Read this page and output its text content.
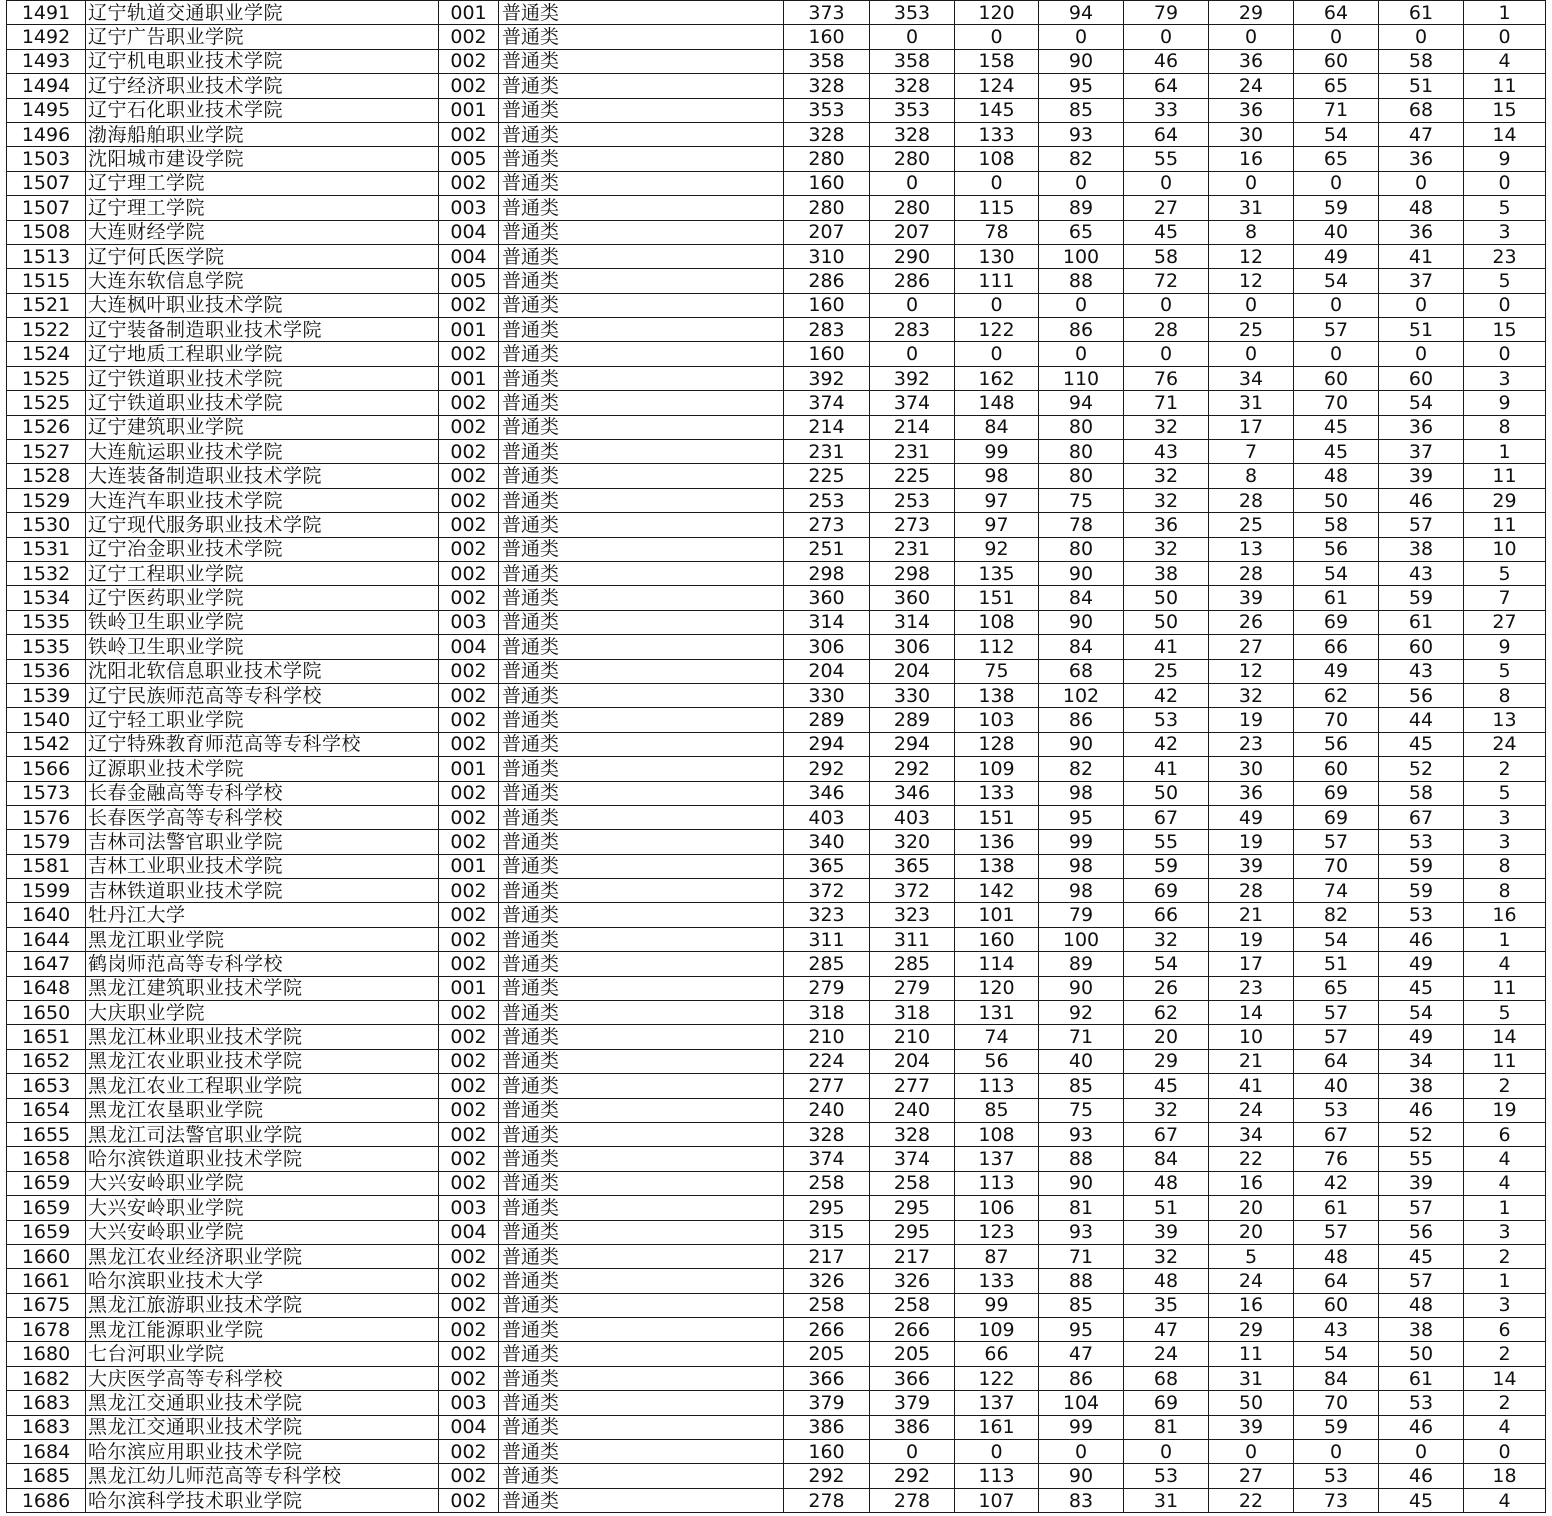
1491	辽宁轨道交通职业学院	001	普通类	373	353	120	94	79	29	64	61	1
1492	辽宁广告职业学院	002	普通类	160	0	0	0	0	0	0	0	0
1493	辽宁机电职业技术学院	002	普通类	358	358	158	90	46	36	60	58	4
1494	辽宁经济职业技术学院	002	普通类	328	328	124	95	64	24	65	51	11
1495	辽宁石化职业技术学院	001	普通类	353	353	145	85	33	36	71	68	15
1496	渤海船舶职业学院	002	普通类	328	328	133	93	64	30	54	47	14
1503	沈阳城市建设学院	005	普通类	280	280	108	82	55	16	65	36	9
1507	辽宁理工学院	002	普通类	160	0	0	0	0	0	0	0	0
1507	辽宁理工学院	003	普通类	280	280	115	89	27	31	59	48	5
1508	大连财经学院	004	普通类	207	207	78	65	45	8	40	36	3
1513	辽宁何氏医学院	004	普通类	310	290	130	100	58	12	49	41	23
1515	大连东软信息学院	005	普通类	286	286	111	88	72	12	54	37	5
1521	大连枫叶职业技术学院	002	普通类	160	0	0	0	0	0	0	0	0
1522	辽宁装备制造职业技术学院	001	普通类	283	283	122	86	28	25	57	51	15
1524	辽宁地质工程职业学院	002	普通类	160	0	0	0	0	0	0	0	0
1525	辽宁铁道职业技术学院	001	普通类	392	392	162	110	76	34	60	60	3
1525	辽宁铁道职业技术学院	002	普通类	374	374	148	94	71	31	70	54	9
1526	辽宁建筑职业学院	002	普通类	214	214	84	80	32	17	45	36	8
1527	大连航运职业技术学院	002	普通类	231	231	99	80	43	7	45	37	1
1528	大连装备制造职业技术学院	002	普通类	225	225	98	80	32	8	48	39	11
1529	大连汽车职业技术学院	002	普通类	253	253	97	75	32	28	50	46	29
1530	辽宁现代服务职业技术学院	002	普通类	273	273	97	78	36	25	58	57	11
1531	辽宁冶金职业技术学院	002	普通类	251	231	92	80	32	13	56	38	10
1532	辽宁工程职业学院	002	普通类	298	298	135	90	38	28	54	43	5
1534	辽宁医药职业学院	002	普通类	360	360	151	84	50	39	61	59	7
1535	铁岭卫生职业学院	003	普通类	314	314	108	90	50	26	69	61	27
1535	铁岭卫生职业学院	004	普通类	306	306	112	84	41	27	66	60	9
1536	沈阳北软信息职业技术学院	002	普通类	204	204	75	68	25	12	49	43	5
1539	辽宁民族师范高等专科学校	002	普通类	330	330	138	102	42	32	62	56	8
1540	辽宁轻工职业学院	002	普通类	289	289	103	86	53	19	70	44	13
1542	辽宁特殊教育师范高等专科学校	002	普通类	294	294	128	90	42	23	56	45	24
1566	辽源职业技术学院	001	普通类	292	292	109	82	41	30	60	52	2
1573	长春金融高等专科学校	002	普通类	346	346	133	98	50	36	69	58	5
1576	长春医学高等专科学校	002	普通类	403	403	151	95	67	49	69	67	3
1579	吉林司法警官职业学院	002	普通类	340	320	136	99	55	19	57	53	3
1581	吉林工业职业技术学院	001	普通类	365	365	138	98	59	39	70	59	8
1599	吉林铁道职业技术学院	002	普通类	372	372	142	98	69	28	74	59	8
1640	牡丹江大学	002	普通类	323	323	101	79	66	21	82	53	16
1644	黑龙江职业学院	002	普通类	311	311	160	100	32	19	54	46	1
1647	鹤岗师范高等专科学校	002	普通类	285	285	114	89	54	17	51	49	4
1648	黑龙江建筑职业技术学院	001	普通类	279	279	120	90	26	23	65	45	11
1650	大庆职业学院	002	普通类	318	318	131	92	62	14	57	54	5
1651	黑龙江林业职业技术学院	002	普通类	210	210	74	71	20	10	57	49	14
1652	黑龙江农业职业技术学院	002	普通类	224	204	56	40	29	21	64	34	11
1653	黑龙江农业工程职业学院	002	普通类	277	277	113	85	45	41	40	38	2
1654	黑龙江农垦职业学院	002	普通类	240	240	85	75	32	24	53	46	19
1655	黑龙江司法警官职业学院	002	普通类	328	328	108	93	67	34	67	52	6
1658	哈尔滨铁道职业技术学院	002	普通类	374	374	137	88	84	22	76	55	4
1659	大兴安岭职业学院	002	普通类	258	258	113	90	48	16	42	39	4
1659	大兴安岭职业学院	003	普通类	295	295	106	81	51	20	61	57	1
1659	大兴安岭职业学院	004	普通类	315	295	123	93	39	20	57	56	3
1660	黑龙江农业经济职业学院	002	普通类	217	217	87	71	32	5	48	45	2
1661	哈尔滨职业技术大学	002	普通类	326	326	133	88	48	24	64	57	1
1675	黑龙江旅游职业技术学院	002	普通类	258	258	99	85	35	16	60	48	3
1678	黑龙江能源职业学院	002	普通类	266	266	109	95	47	29	43	38	6
1680	七台河职业学院	002	普通类	205	205	66	47	24	11	54	50	2
1682	大庆医学高等专科学校	002	普通类	366	366	122	86	68	31	84	61	14
1683	黑龙江交通职业技术学院	003	普通类	379	379	137	104	69	50	70	53	2
1683	黑龙江交通职业技术学院	004	普通类	386	386	161	99	81	39	59	46	4
1684	哈尔滨应用职业技术学院	002	普通类	160	0	0	0	0	0	0	0	0
1685	黑龙江幼儿师范高等专科学校	002	普通类	292	292	113	90	53	27	53	46	18
1686	哈尔滨科学技术职业学院	002	普通类	278	278	107	83	31	22	73	45	4
